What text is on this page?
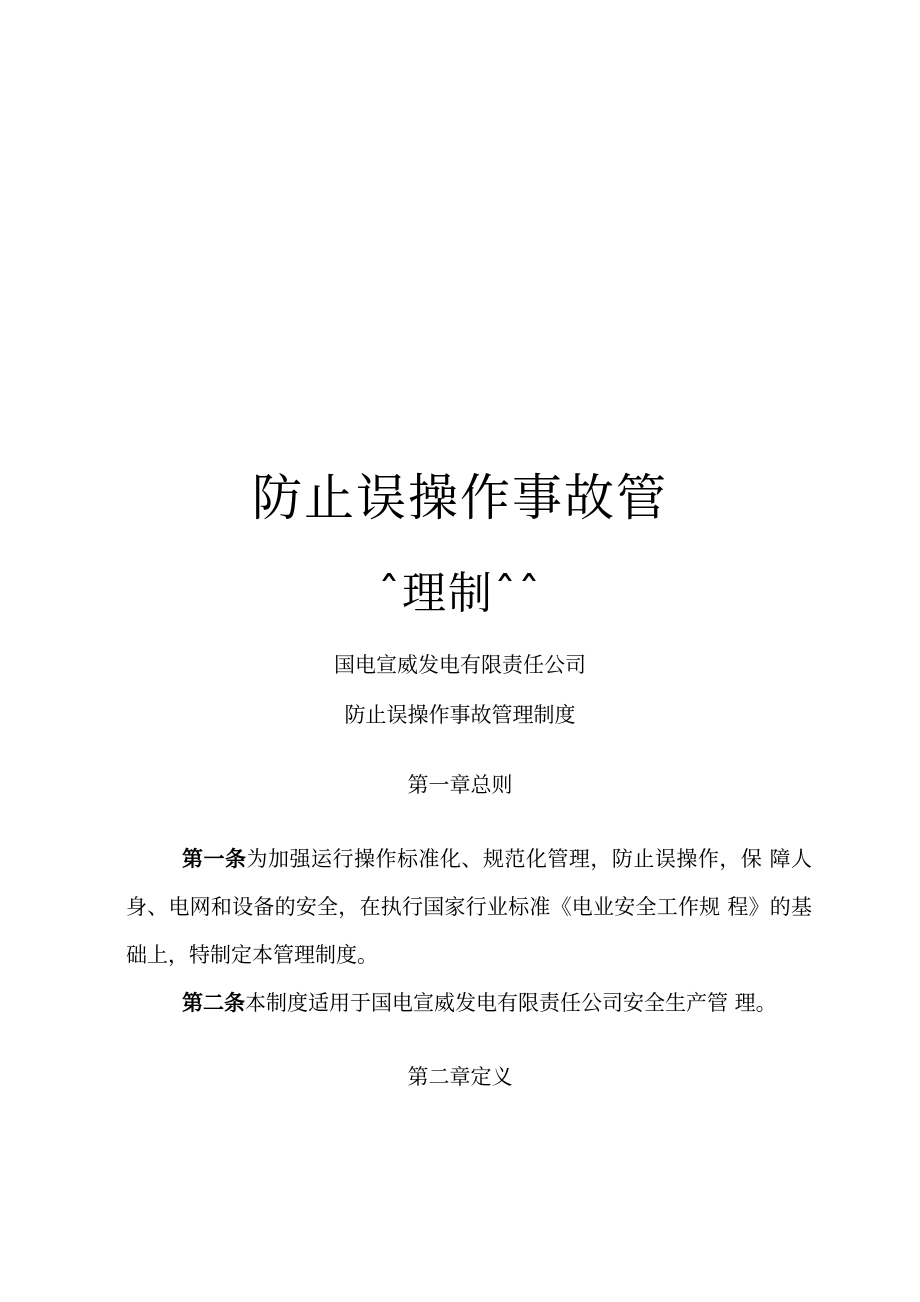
防止误操作事故管
ˆ理制ˆˆ

国电宣威发电有限责任公司

防止误操作事故管理制度

第一章总则

第一条为加强运行操作标准化、规范化管理，防止误操作，保 障人身、电网和设备的安全，在执行国家行业标准《电业安全工作规 程》的基础上，特制定本管理制度。

第二条本制度适用于国电宣威发电有限责任公司安全生产管 理。

第二章定义
